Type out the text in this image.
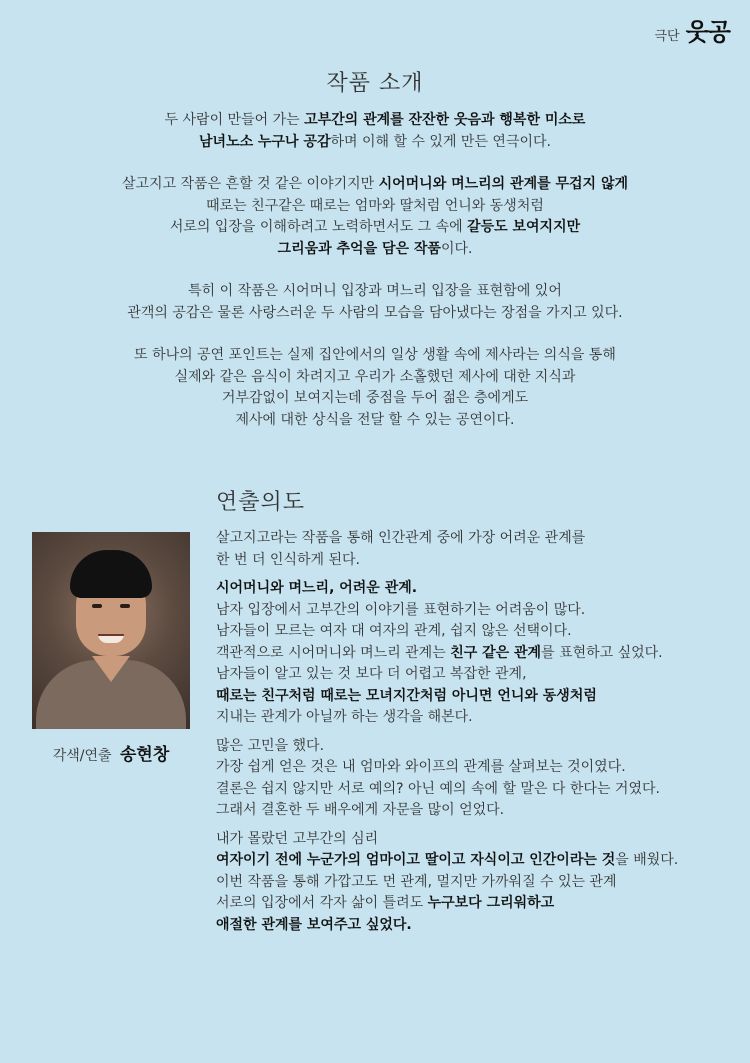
극단 웃공
작품 소개

두 사람이 만들어 가는 고부간의 관계를 잔잔한 웃음과 행복한 미소로
남녀노소 누구나 공감하며 이해 할 수 있게 만든 연극이다.

살고지고 작품은 흔할 것 같은 이야기지만 시어머니와 며느리의 관계를 무겁지 않게
때로는 친구같은 때로는 엄마와 딸처럼 언니와 동생처럼
서로의 입장을 이해하려고 노력하면서도 그 속에 갈등도 보여지지만
그리움과 추억을 담은 작품이다.

특히 이 작품은 시어머니 입장과 며느리 입장을 표현함에 있어
관객의 공감은 물론 사랑스러운 두 사람의 모습을 담아냈다는 장점을 가지고 있다.

또 하나의 공연 포인트는 실제 집안에서의 일상 생활 속에 제사라는 의식을 통해
실제와 같은 음식이 차려지고 우리가 소홀했던 제사에 대한 지식과
거부감없이 보여지는데 중점을 두어 젊은 층에게도
제사에 대한 상식을 전달 할 수 있는 공연이다.

연출의도
각색/연출 송현창

살고지고라는 작품을 통해 인간관계 중에 가장 어려운 관계를
한 번 더 인식하게 된다.

시어머니와 며느리, 어려운 관계.
남자 입장에서 고부간의 이야기를 표현하기는 어려움이 많다.
남자들이 모르는 여자 대 여자의 관계, 쉽지 않은 선택이다.
객관적으로 시어머니와 며느리 관계는 친구 같은 관계를 표현하고 싶었다.
남자들이 알고 있는 것 보다 더 어렵고 복잡한 관계,
때로는 친구처럼 때로는 모녀지간처럼 아니면 언니와 동생처럼
지내는 관계가 아닐까 하는 생각을 해본다.

많은 고민을 했다.
가장 쉽게 얻은 것은 내 엄마와 와이프의 관계를 살펴보는 것이였다.
결론은 쉽지 않지만 서로 예의? 아닌 예의 속에 할 말은 다 한다는 거였다.
그래서 결혼한 두 배우에게 자문을 많이 얻었다.

내가 몰랐던 고부간의 심리
여자이기 전에 누군가의 엄마이고 딸이고 자식이고 인간이라는 것을 배웠다.
이번 작품을 통해 가깝고도 먼 관계, 멀지만 가까워질 수 있는 관계
서로의 입장에서 각자 삶이 틀려도 누구보다 그리워하고
애절한 관계를 보여주고 싶었다.
